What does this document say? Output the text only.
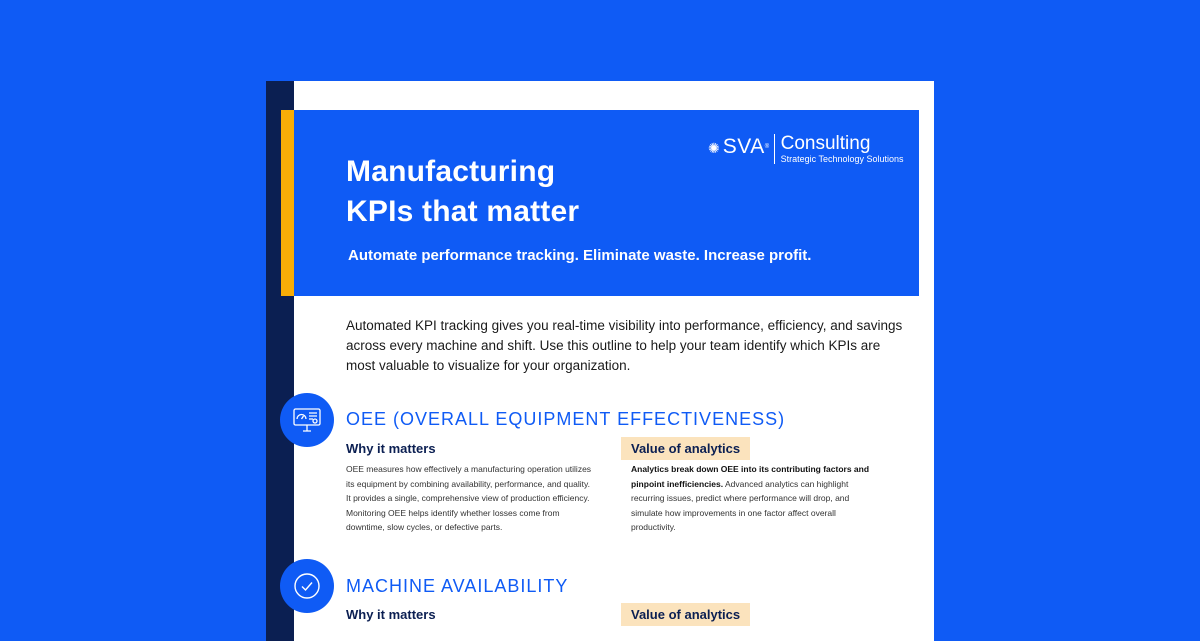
Manufacturing
KPIs that matter
Automate performance tracking. Eliminate waste. Increase profit.
✺ SVA® Consulting
Strategic Technology Solutions
Automated KPI tracking gives you real-time visibility into performance, efficiency, and savings across every machine and shift. Use this outline to help your team identify which KPIs are most valuable to visualize for your organization.
OEE (OVERALL EQUIPMENT EFFECTIVENESS)
Why it matters
OEE measures how effectively a manufacturing operation utilizes its equipment by combining availability, performance, and quality. It provides a single, comprehensive view of production efficiency. Monitoring OEE helps identify whether losses come from downtime, slow cycles, or defective parts.
Value of analytics
Analytics break down OEE into its contributing factors and pinpoint inefficiencies. Advanced analytics can highlight recurring issues, predict where performance will drop, and simulate how improvements in one factor affect overall productivity.
MACHINE AVAILABILITY
Why it matters	Value of analytics
